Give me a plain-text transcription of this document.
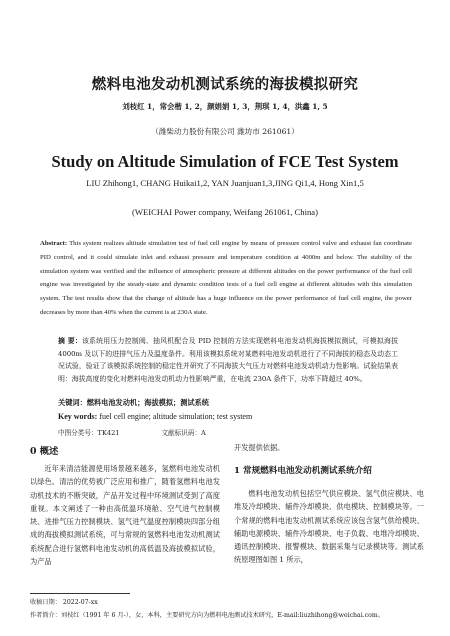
燃料电池发动机测试系统的海拔模拟研究
刘枝红 1，常会楷 1, 2，颜娟娟 1, 3，荆琪 1, 4，洪鑫 1, 5
（潍柴动力股份有限公司 潍坊市 261061）
Study on Altitude Simulation of FCE Test System
LIU Zhihong1, CHANG Huikai1,2, YAN Juanjuan1,3,JING Qi1,4, Hong Xin1,5
(WEICHAI Power company, Weifang 261061, China)
Abstract: This system realizes altitude simulation test of fuel cell engine by means of pressure control valve and exhaust fan coordinate PID control, and it could simulate inlet and exhaust pressure and temperature condition at 4000m and below. The stability of the simulation system was verified and the influence of atmospheric pressure at different altitudes on the power performance of the fuel cell engine was investigated by the steady-state and dynamic condition tests of a fuel cell engine at different altitudes with this simulation system. The test results show that the change of altitude has a huge influence on the power performance of fuel cell engine, the power decreases by more than 40% when the current is at 230A state.
摘 要：该系统用压力控制阀、抽风机配合及 PID 控制的方法实现燃料电池发动机海拔模拟测试，可模拟海拔 4000m 及以下的进排气压力及温度条件。利用该模拟系统对某燃料电池发动机进行了不同海拔的稳态及动态工况试验，验证了该模拟系统控制的稳定性并研究了不同海拔大气压力对燃料电池发动机动力性影响。试验结果表明：海拔高度的变化对燃料电池发动机动力性影响严重，在电流 230A 条件下，功率下降超过 40%。
关键词：燃料电池发动机；海拔模拟；测试系统
Key words: fuel cell engine; altitude simulation; test system
中图分类号：TK421	文献标识码：A
0 概述
近年来清洁能源使用场景越来越多，氢燃料电池发动机以绿色、清洁的优势被广泛应用和推广，随着氢燃料电池发动机技术的不断突破，产品开发过程中环境测试受到了高度重视。本文阐述了一种由高低温环境舱、空气进气控制模块、进排气压力控制模块、氢气进气温度控制模块四部分组成的海拔模拟测试系统，可与常规的氢燃料电池发动机测试系统配合进行氢燃料电池发动机的高低温及海拔模拟试验，为产品
开发提供依据。
1 常规燃料电池发动机测试系统介绍
燃料电池发动机包括空气供应模块、氢气供应模块、电堆及冷却模块、辅件冷却模块、供电模块、控制模块等。一个常规的燃料电池发动机测试系统应该包含氢气供给模块、辅助电源模块、辅件冷却模块、电子负载、电堆冷却模块、通讯控制模块、报警模块、数据采集与记录模块等。测试系统原理图如图 1 所示，
收稿日期： 2022-07-xx
作者简介：刘枝红（1991 年 6 月-），女，本科，主要研究方向为燃料电池测试技术研究，E-mail:liuzhihong@weichai.com。
